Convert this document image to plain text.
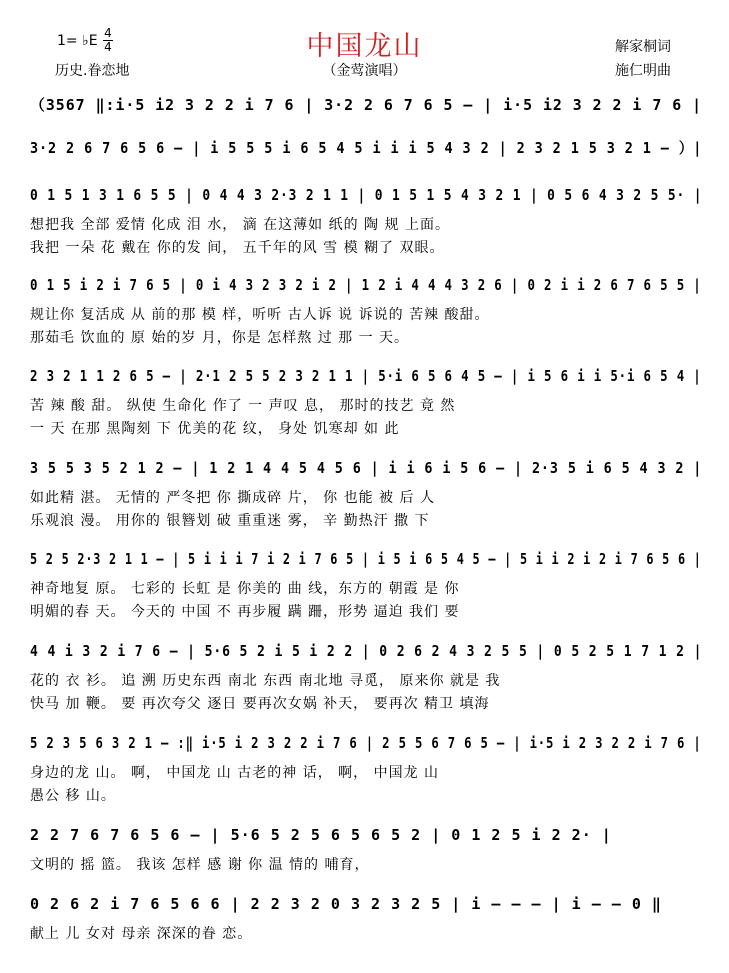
中国龙山
（金莺演唱）
1= ♭E 4
4
历史.眷恋地
解家桐词
施仁明曲
（3567 ‖:i·5 i2 3 2 2 i 7 6 | 3·2 2 6 7 6 5 – | i·5 i2 3 2 2 i 7 6 |
3·2 2 6 7 6 5 6 – | i 5 5 5 i 6 5 4 5 i i i 5 4 3 2 | 2 3 2 1 5 3 2 1 – ）|
0 1 5 1 3 1 6 5 5 | 0 4 4 3 2·3 2 1 1 | 0 1 5 1 5 4 3 2 1 | 0 5 6 4 3 2 5 5· |
想把我 全部 爱情 化成 泪 水， 滴 在这薄如 纸的 陶 规 上面。
我把 一朵 花 戴在 你的发 间， 五千年的风 雪 模 糊了 双眼。
0 1 5 i 2 i 7 6 5 | 0 i 4 3 2 3 2 i 2 | 1 2 i 4 4 4 3 2 6 | 0 2 i i 2 6 7 6 5 5 |
规让你 复活成 从 前的那 模 样，听听 古人诉 说 诉说的 苦辣 酸甜。
那茹毛 饮血的 原 始的岁 月，你是 怎样熬 过 那 一 天。
2 3 2 1 1 2 6 5 – | 2·1 2 5 5 2 3 2 1 1 | 5·i 6 5 6 4 5 – | i 5 6 i i 5·i 6 5 4 |
苦 辣 酸 甜。 纵使 生命化 作了 一 声叹 息， 那时的技艺 竟 然
一 天 在那 黑陶刻 下 优美的花 纹， 身处 饥寒却 如 此
3 5 5 3 5 2 1 2 – | 1 2 1 4 4 5 4 5 6 | i i 6 i 5 6 – | 2·3 5 i 6 5 4 3 2 |
如此精 湛。 无情的 严冬把 你 撕成碎 片， 你 也能 被 后 人
乐观浪 漫。 用你的 银簪划 破 重重迷 雾， 辛 勤热汗 撒 下
5 2 5 2·3 2 1 1 – | 5 i i i 7 i 2 i 7 6 5 | i 5 i 6 5 4 5 – | 5 i i 2 i 2 i 7 6 5 6 |
神奇地复 原。 七彩的 长虹 是 你美的 曲 线，东方的 朝霞 是 你
明媚的春 天。 今天的 中国 不 再步履 蹒 跚，形势 逼迫 我们 要
4 4 i 3 2 i 7 6 – | 5·6 5 2 i 5 i 2 2 | 0 2 6 2 4 3 2 5 5 | 0 5 2 5 1 7 1 2 |
花的 衣 衫。 追 溯 历史东西 南北 东西 南北地 寻觅， 原来你 就是 我
快马 加 鞭。 要 再次夸父 逐日 要再次女娲 补天， 要再次 精卫 填海
5 2 3 5 6 3 2 1 – :‖ i·5 i 2 3 2 2 i 7 6 | 2 5 5 6 7 6 5 – | i·5 i 2 3 2 2 i 7 6 |
身边的龙 山。 啊， 中国龙 山 古老的神 话， 啊， 中国龙 山
愚公 移 山。
2 2 7 6 7 6 5 6 – | 5·6 5 2 5 6 5 6 5 2 | 0 1 2 5 i 2 2· |
文明的 摇 篮。 我该 怎样 感 谢 你 温 情的 哺育，
0 2 6 2 i 7 6 5 6 6 | 2 2 3 2 0 3 2 3 2 5 | i – – – | i – – 0 ‖
献上 儿 女对 母亲 深深的眷 恋。
